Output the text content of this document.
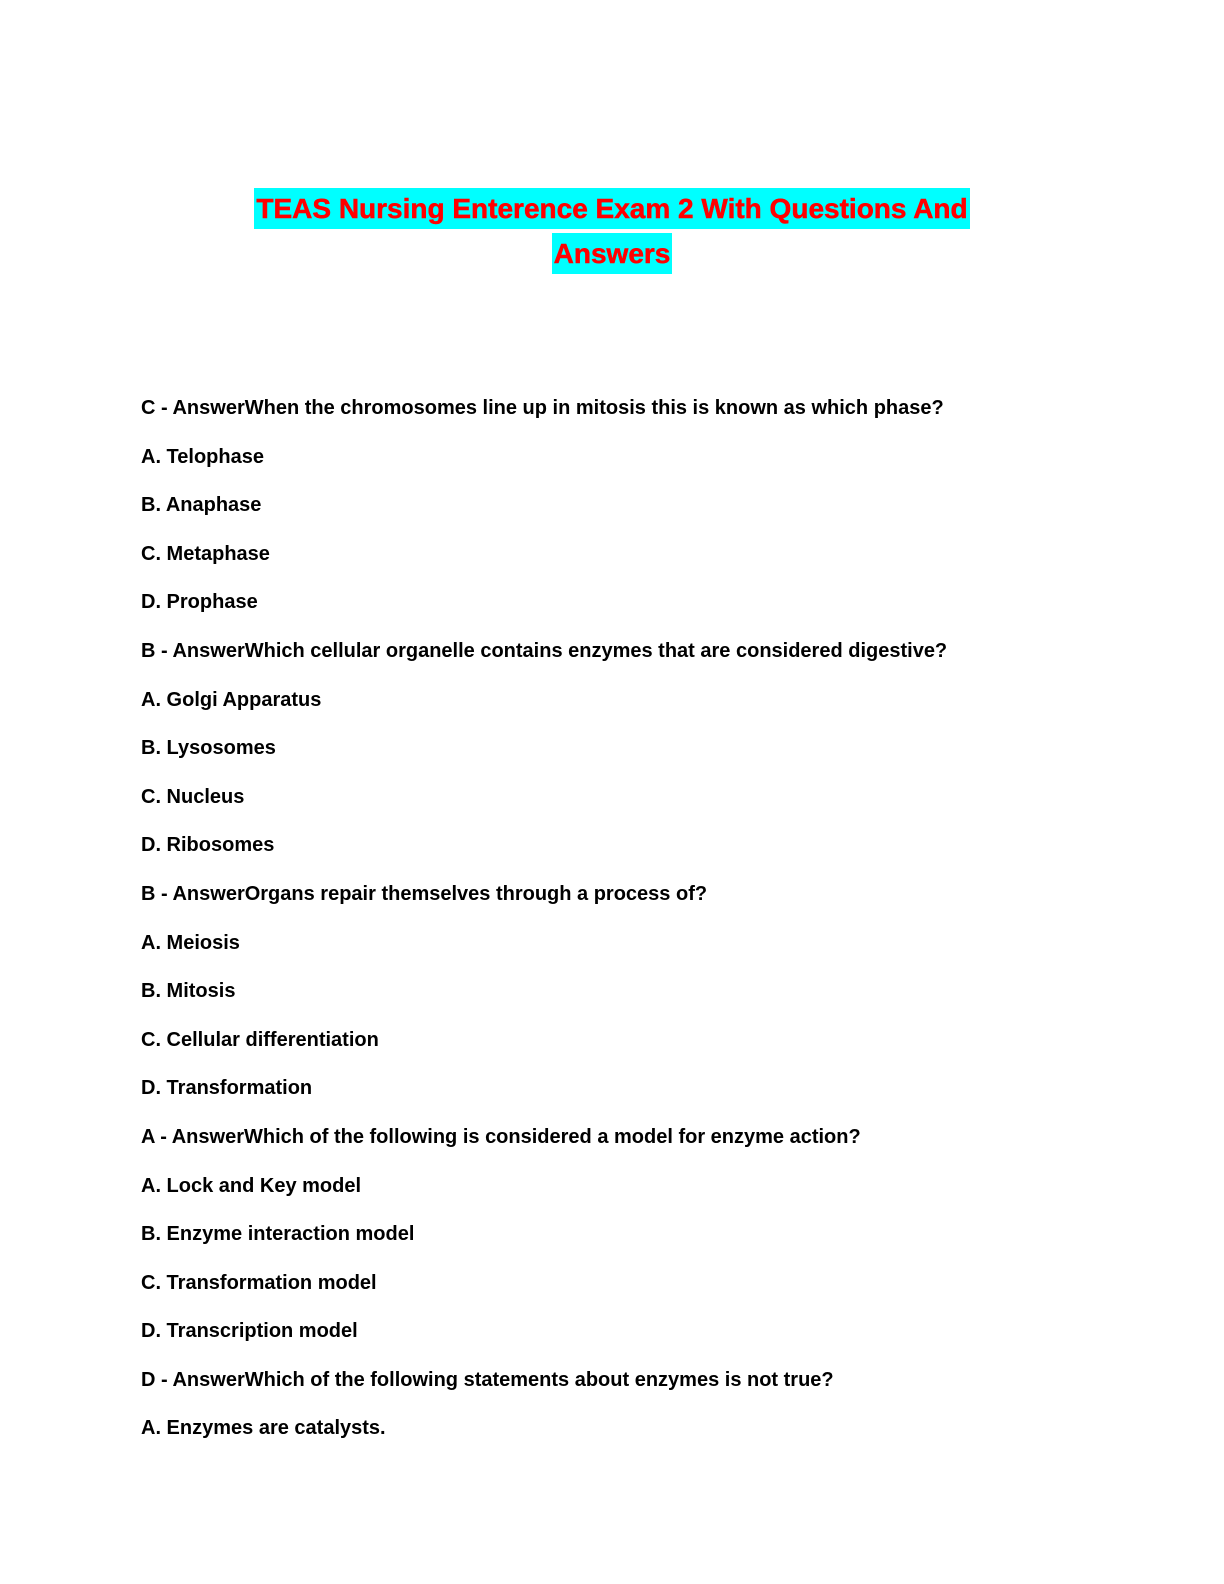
TEAS Nursing Enterence Exam 2 With Questions And
Answers
C - AnswerWhen the chromosomes line up in mitosis this is known as which phase?
A. Telophase
B. Anaphase
C. Metaphase
D. Prophase
B - AnswerWhich cellular organelle contains enzymes that are considered digestive?
A. Golgi Apparatus
B. Lysosomes
C. Nucleus
D. Ribosomes
B - AnswerOrgans repair themselves through a process of?
A. Meiosis
B. Mitosis
C. Cellular differentiation
D. Transformation
A - AnswerWhich of the following is considered a model for enzyme action?
A. Lock and Key model
B. Enzyme interaction model
C. Transformation model
D. Transcription model
D - AnswerWhich of the following statements about enzymes is not true?
A. Enzymes are catalysts.
